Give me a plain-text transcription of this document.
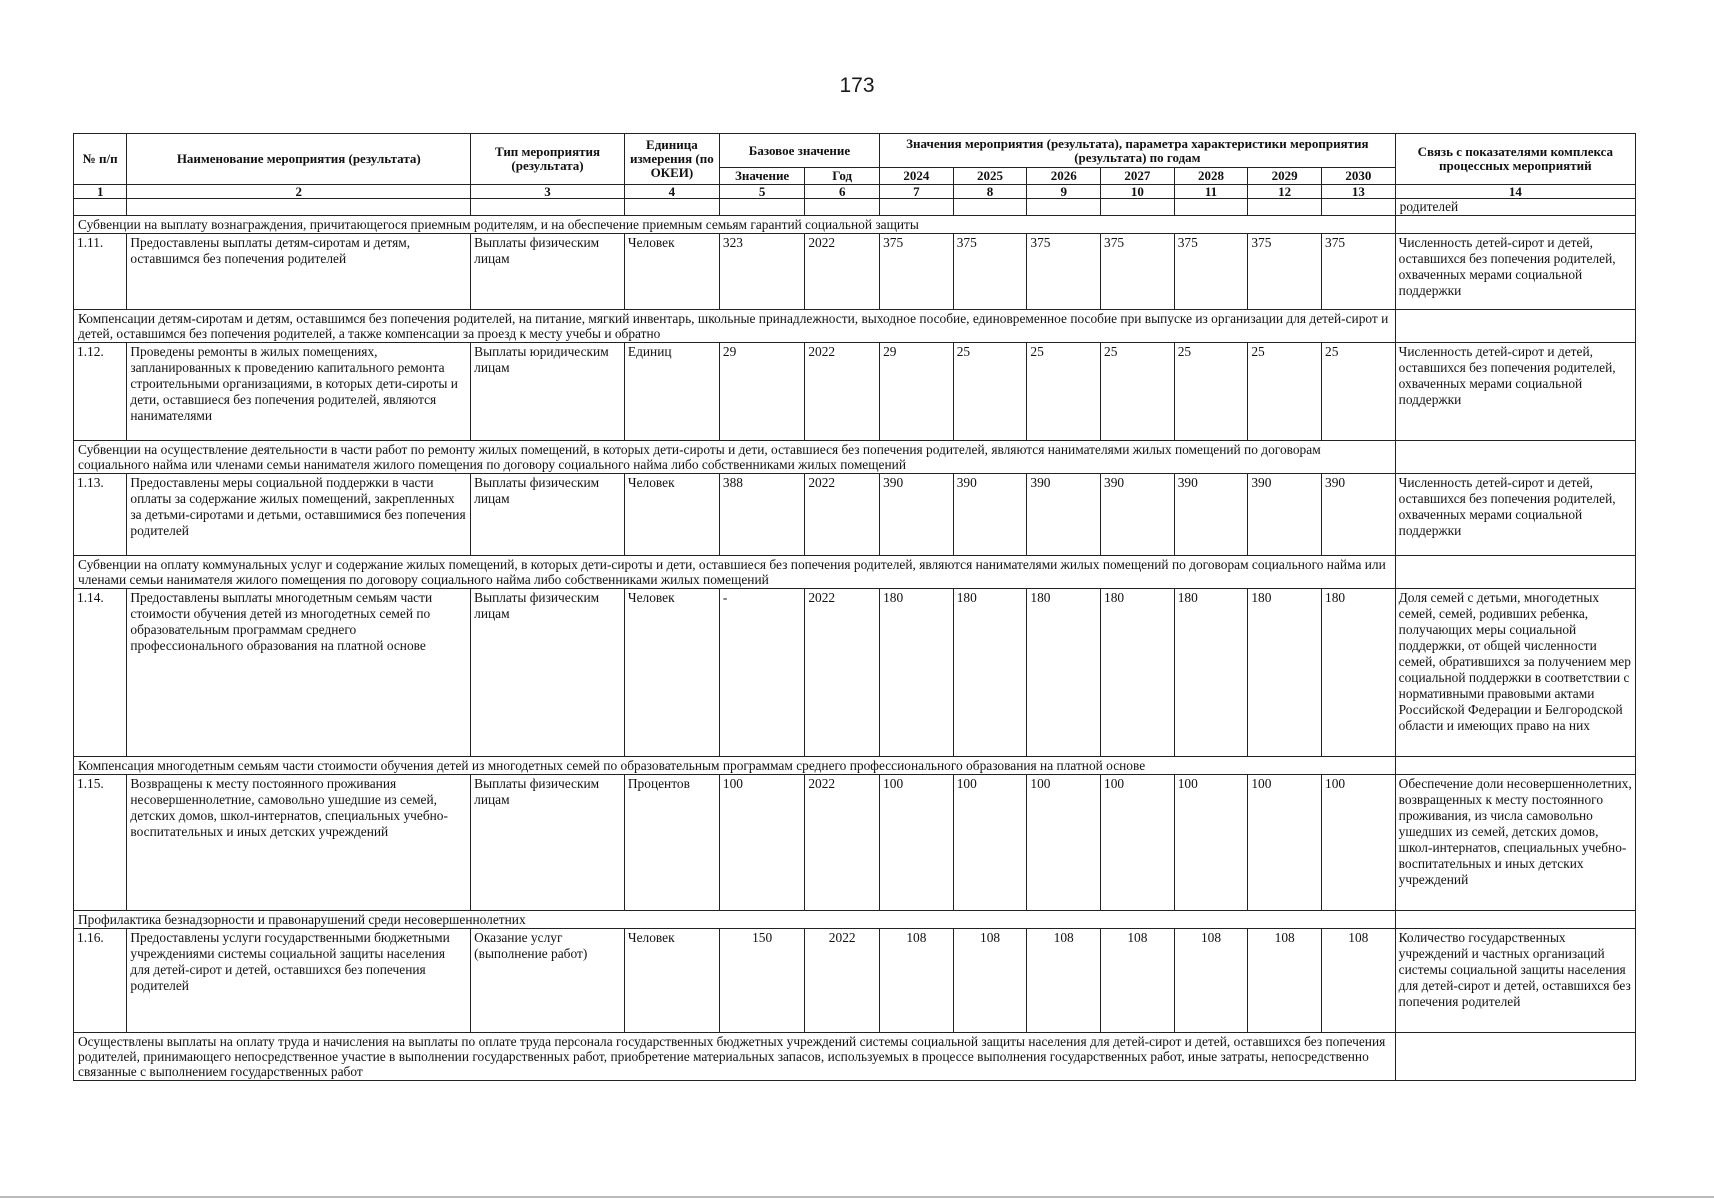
173
№ п/п	Наименование мероприятия (результата)	Тип мероприятия (результата)	Единица измерения (по ОКЕИ)	Базовое значение		Значения мероприятия (результата), параметра характеристики мероприятия (результата) по годам							Связь с показателями комплекса процессных мероприятий
				Значение	Год	2024	2025	2026	2027	2028	2029	2030	
1	2	3	4	5	6	7	8	9	10	11	12	13	14
													родителей
Субвенции на выплату вознаграждения, причитающегося приемным родителям, и на обеспечение приемным семьям гарантий социальной защиты													
1.11.	Предоставлены выплаты детям-сиротам и детям, оставшимся без попечения родителей	Выплаты физическим лицам	Человек	323	2022	375	375	375	375	375	375	375	Численность детей-сирот и детей, оставшихся без попечения родителей, охваченных мерами социальной поддержки
Компенсации детям-сиротам и детям, оставшимся без попечения родителей, на питание, мягкий инвентарь, школьные принадлежности, выходное пособие, единовременное пособие при выпуске из организации для детей-сирот и детей, оставшимся без попечения родителей, а также компенсации за проезд к месту учебы и обратно													
1.12.	Проведены ремонты в жилых помещениях, запланированных к проведению капитального ремонта строительными организациями, в которых дети-сироты и дети, оставшиеся без попечения родителей, являются нанимателями	Выплаты юридическим лицам	Единиц	29	2022	29	25	25	25	25	25	25	Численность детей-сирот и детей, оставшихся без попечения родителей, охваченных мерами социальной поддержки
Субвенции на осуществление деятельности в части работ по ремонту жилых помещений, в которых дети-сироты и дети, оставшиеся без попечения родителей, являются нанимателями жилых помещений по договорам социального найма или членами семьи нанимателя жилого помещения по договору социального найма либо собственниками жилых помещений													
1.13.	Предоставлены меры социальной поддержки в части оплаты за содержание жилых помещений, закрепленных за детьми-сиротами и детьми, оставшимися без попечения родителей	Выплаты физическим лицам	Человек	388	2022	390	390	390	390	390	390	390	Численность детей-сирот и детей, оставшихся без попечения родителей, охваченных мерами социальной поддержки
Субвенции на оплату коммунальных услуг и содержание жилых помещений, в которых дети-сироты и дети, оставшиеся без попечения родителей, являются нанимателями жилых помещений по договорам социального найма или членами семьи нанимателя жилого помещения по договору социального найма либо собственниками жилых помещений													
1.14.	Предоставлены выплаты многодетным семьям части стоимости обучения детей из многодетных семей по образовательным программам среднего профессионального образования на платной основе	Выплаты физическим лицам	Человек	-	2022	180	180	180	180	180	180	180	Доля семей с детьми, многодетных семей, семей, родивших ребенка, получающих меры социальной поддержки, от общей численности семей, обратившихся за получением мер социальной поддержки в соответствии с нормативными правовыми актами Российской Федерации и Белгородской области и имеющих право на них
Компенсация многодетным семьям части стоимости обучения детей из многодетных семей по образовательным программам среднего профессионального образования на платной основе													
1.15.	Возвращены к месту постоянного проживания несовершеннолетние, самовольно ушедшие из семей, детских домов, школ-интернатов, специальных учебно-воспитательных и иных детских учреждений	Выплаты физическим лицам	Процентов	100	2022	100	100	100	100	100	100	100	Обеспечение доли несовершеннолетних, возвращенных к месту постоянного проживания, из числа самовольно ушедших из семей, детских домов, школ-интернатов, специальных учебно-воспитательных и иных детских учреждений
Профилактика безнадзорности и правонарушений среди несовершеннолетних													
1.16.	Предоставлены услуги государственными бюджетными учреждениями системы социальной защиты населения для детей-сирот и детей, оставшихся без попечения родителей	Оказание услуг (выполнение работ)	Человек	150	2022	108	108	108	108	108	108	108	Количество государственных учреждений и частных организаций системы социальной защиты населения для детей-сирот и детей, оставшихся без попечения родителей
Осуществлены выплаты на оплату труда и начисления на выплаты по оплате труда персонала государственных бюджетных учреждений системы социальной защиты населения для детей-сирот и детей, оставшихся без попечения родителей, принимающего непосредственное участие в выполнении государственных работ, приобретение материальных запасов, используемых в процессе выполнения государственных работ, иные затраты, непосредственно связанные с выполнением государственных работ													
